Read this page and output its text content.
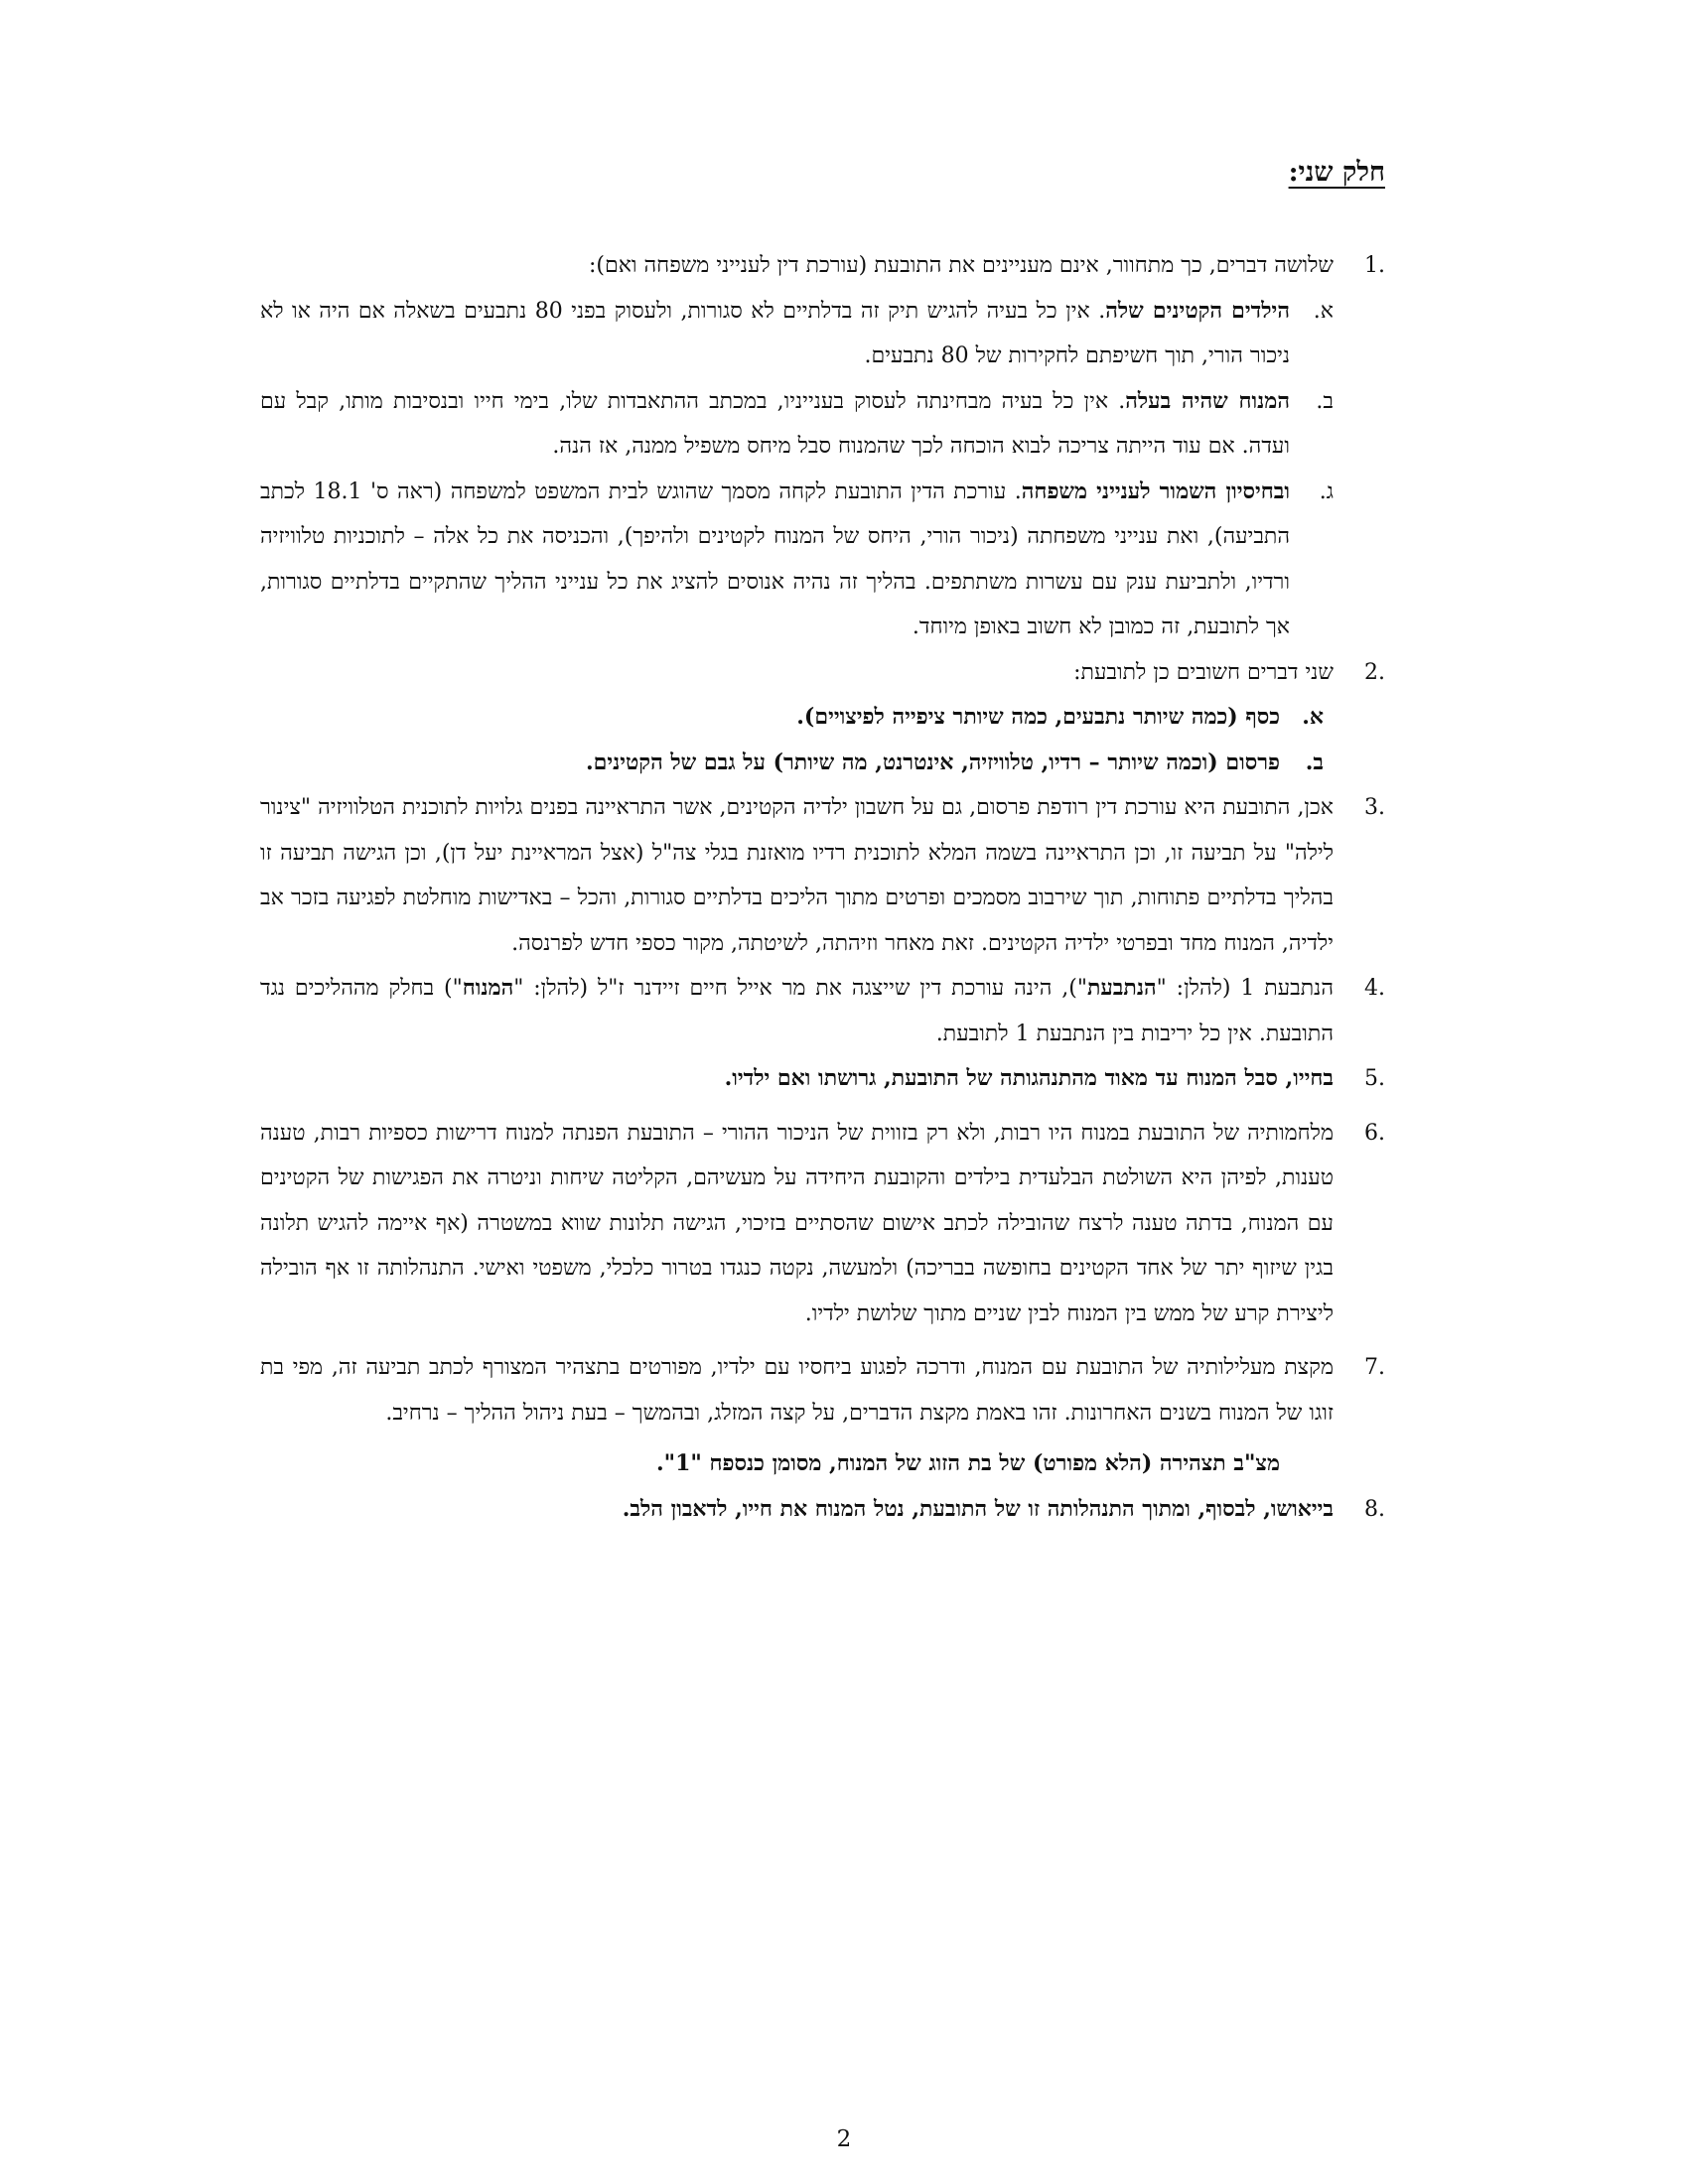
חלק שני:
.1
שלושה דברים, כך מתחוור, אינם מעניינים את התובעת (עורכת דין לענייני משפחה ואם):
א.
הילדים הקטינים שלה. אין כל בעיה להגיש תיק זה בדלתיים לא סגורות, ולעסוק בפני 80 נתבעים בשאלה אם היה או לא ניכור הורי, תוך חשיפתם לחקירות של 80 נתבעים.
ב.
המנוח שהיה בעלה. אין כל בעיה מבחינתה לעסוק בענייניו, במכתב ההתאבדות שלו, בימי חייו ובנסיבות מותו, קבל עם ועדה. אם עוד הייתה צריכה לבוא הוכחה לכך שהמנוח סבל מיחס משפיל ממנה, אז הנה.
ג.
ובחיסיון השמור לענייני משפחה. עורכת הדין התובעת לקחה מסמך שהוגש לבית המשפט למשפחה (ראה ס' 18.1 לכתב התביעה), ואת ענייני משפחתה (ניכור הורי, היחס של המנוח לקטינים ולהיפך), והכניסה את כל אלה – לתוכניות טלוויזיה ורדיו, ולתביעת ענק עם עשרות משתתפים. בהליך זה נהיה אנוסים להציג את כל ענייני ההליך שהתקיים בדלתיים סגורות, אך לתובעת, זה כמובן לא חשוב באופן מיוחד.
.2
שני דברים חשובים כן לתובעת:
א.
כסף (כמה שיותר נתבעים, כמה שיותר ציפייה לפיצויים).
ב.
פרסום (וכמה שיותר – רדיו, טלוויזיה, אינטרנט, מה שיותר) על גבם של הקטינים.
.3
אכן, התובעת היא עורכת דין רודפת פרסום, גם על חשבון ילדיה הקטינים, אשר התראיינה בפנים גלויות לתוכנית הטלוויזיה "צינור לילה" על תביעה זו, וכן התראיינה בשמה המלא לתוכנית רדיו מואזנת בגלי צה"ל (אצל המראיינת יעל דן), וכן הגישה תביעה זו בהליך בדלתיים פתוחות, תוך שירבוב מסמכים ופרטים מתוך הליכים בדלתיים סגורות, והכל – באדישות מוחלטת לפגיעה בזכר אב ילדיה, המנוח מחד ובפרטי ילדיה הקטינים. זאת מאחר וזיהתה, לשיטתה, מקור כספי חדש לפרנסה.
.4
הנתבעת 1 (להלן: "הנתבעת"), הינה עורכת דין שייצגה את מר אייל חיים זיידנר ז"ל (להלן: "המנוח") בחלק מההליכים נגד התובעת. אין כל יריבות בין הנתבעת 1 לתובעת.
.5
בחייו, סבל המנוח עד מאוד מהתנהגותה של התובעת, גרושתו ואם ילדיו.
.6
מלחמותיה של התובעת במנוח היו רבות, ולא רק בזווית של הניכור ההורי – התובעת הפנתה למנוח דרישות כספיות רבות, טענה טענות, לפיהן היא השולטת הבלעדית בילדים והקובעת היחידה על מעשיהם, הקליטה שיחות וניטרה את הפגישות של הקטינים עם המנוח, בדתה טענה לרצח שהובילה לכתב אישום שהסתיים בזיכוי, הגישה תלונות שווא במשטרה (אף איימה להגיש תלונה בגין שיזוף יתר של אחד הקטינים בחופשה בבריכה) ולמעשה, נקטה כנגדו בטרור כלכלי, משפטי ואישי. התנהלותה זו אף הובילה ליצירת קרע של ממש בין המנוח לבין שניים מתוך שלושת ילדיו.
.7
מקצת מעלילותיה של התובעת עם המנוח, ודרכה לפגוע ביחסיו עם ילדיו, מפורטים בתצהיר המצורף לכתב תביעה זה, מפי בת זוגו של המנוח בשנים האחרונות. זהו באמת מקצת הדברים, על קצה המזלג, ובהמשך – בעת ניהול ההליך – נרחיב.
מצ"ב תצהירה (הלא מפורט) של בת הזוג של המנוח, מסומן כנספח "1".
.8
בייאושו, לבסוף, ומתוך התנהלותה זו של התובעת, נטל המנוח את חייו, לדאבון הלב.
2
